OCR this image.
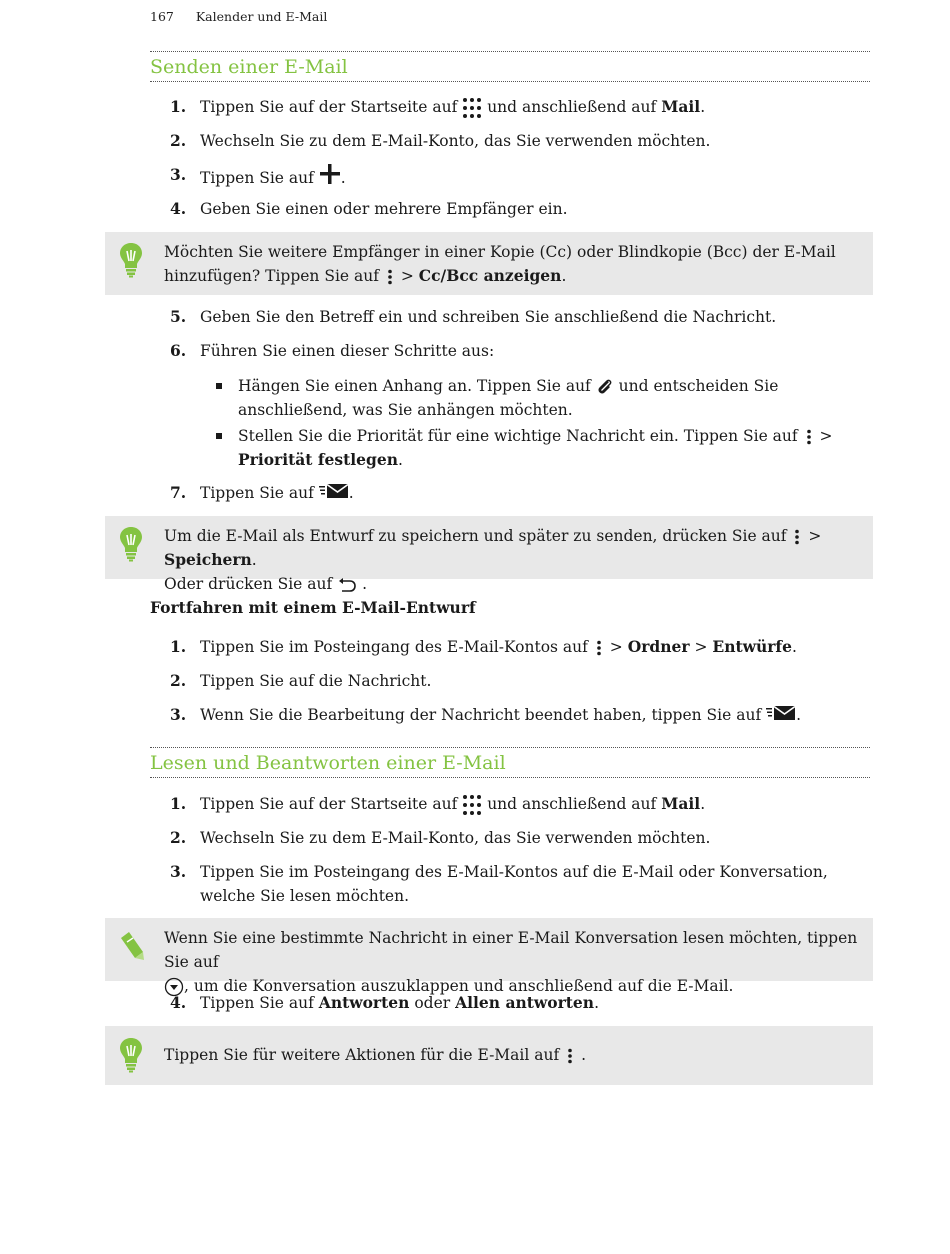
167 Kalender und E-Mail
Senden einer E-Mail
1. Tippen Sie auf der Startseite auf und anschließend auf Mail.
2. Wechseln Sie zu dem E-Mail-Konto, das Sie verwenden möchten.
3. Tippen Sie auf .
4. Geben Sie einen oder mehrere Empfänger ein.
Möchten Sie weitere Empfänger in einer Kopie (Cc) oder Blindkopie (Bcc) der E-Mail hinzufügen? Tippen Sie auf > Cc/Bcc anzeigen.
5. Geben Sie den Betreff ein und schreiben Sie anschließend die Nachricht.
6. Führen Sie einen dieser Schritte aus:
Hängen Sie einen Anhang an. Tippen Sie auf und entscheiden Sie anschließend, was Sie anhängen möchten.
Stellen Sie die Priorität für eine wichtige Nachricht ein. Tippen Sie auf > Priorität festlegen.
7. Tippen Sie auf .
Um die E-Mail als Entwurf zu speichern und später zu senden, drücken Sie auf > Speichern.
Oder drücken Sie auf .
Fortfahren mit einem E-Mail-Entwurf
1. Tippen Sie im Posteingang des E-Mail-Kontos auf > Ordner > Entwürfe.
2. Tippen Sie auf die Nachricht.
3. Wenn Sie die Bearbeitung der Nachricht beendet haben, tippen Sie auf .
Lesen und Beantworten einer E-Mail
1. Tippen Sie auf der Startseite auf und anschließend auf Mail.
2. Wechseln Sie zu dem E-Mail-Konto, das Sie verwenden möchten.
3. Tippen Sie im Posteingang des E-Mail-Kontos auf die E-Mail oder Konversation, welche Sie lesen möchten.
Wenn Sie eine bestimmte Nachricht in einer E-Mail Konversation lesen möchten, tippen Sie auf
, um die Konversation auszuklappen und anschließend auf die E-Mail.
4. Tippen Sie auf Antworten oder Allen antworten.
Tippen Sie für weitere Aktionen für die E-Mail auf .
